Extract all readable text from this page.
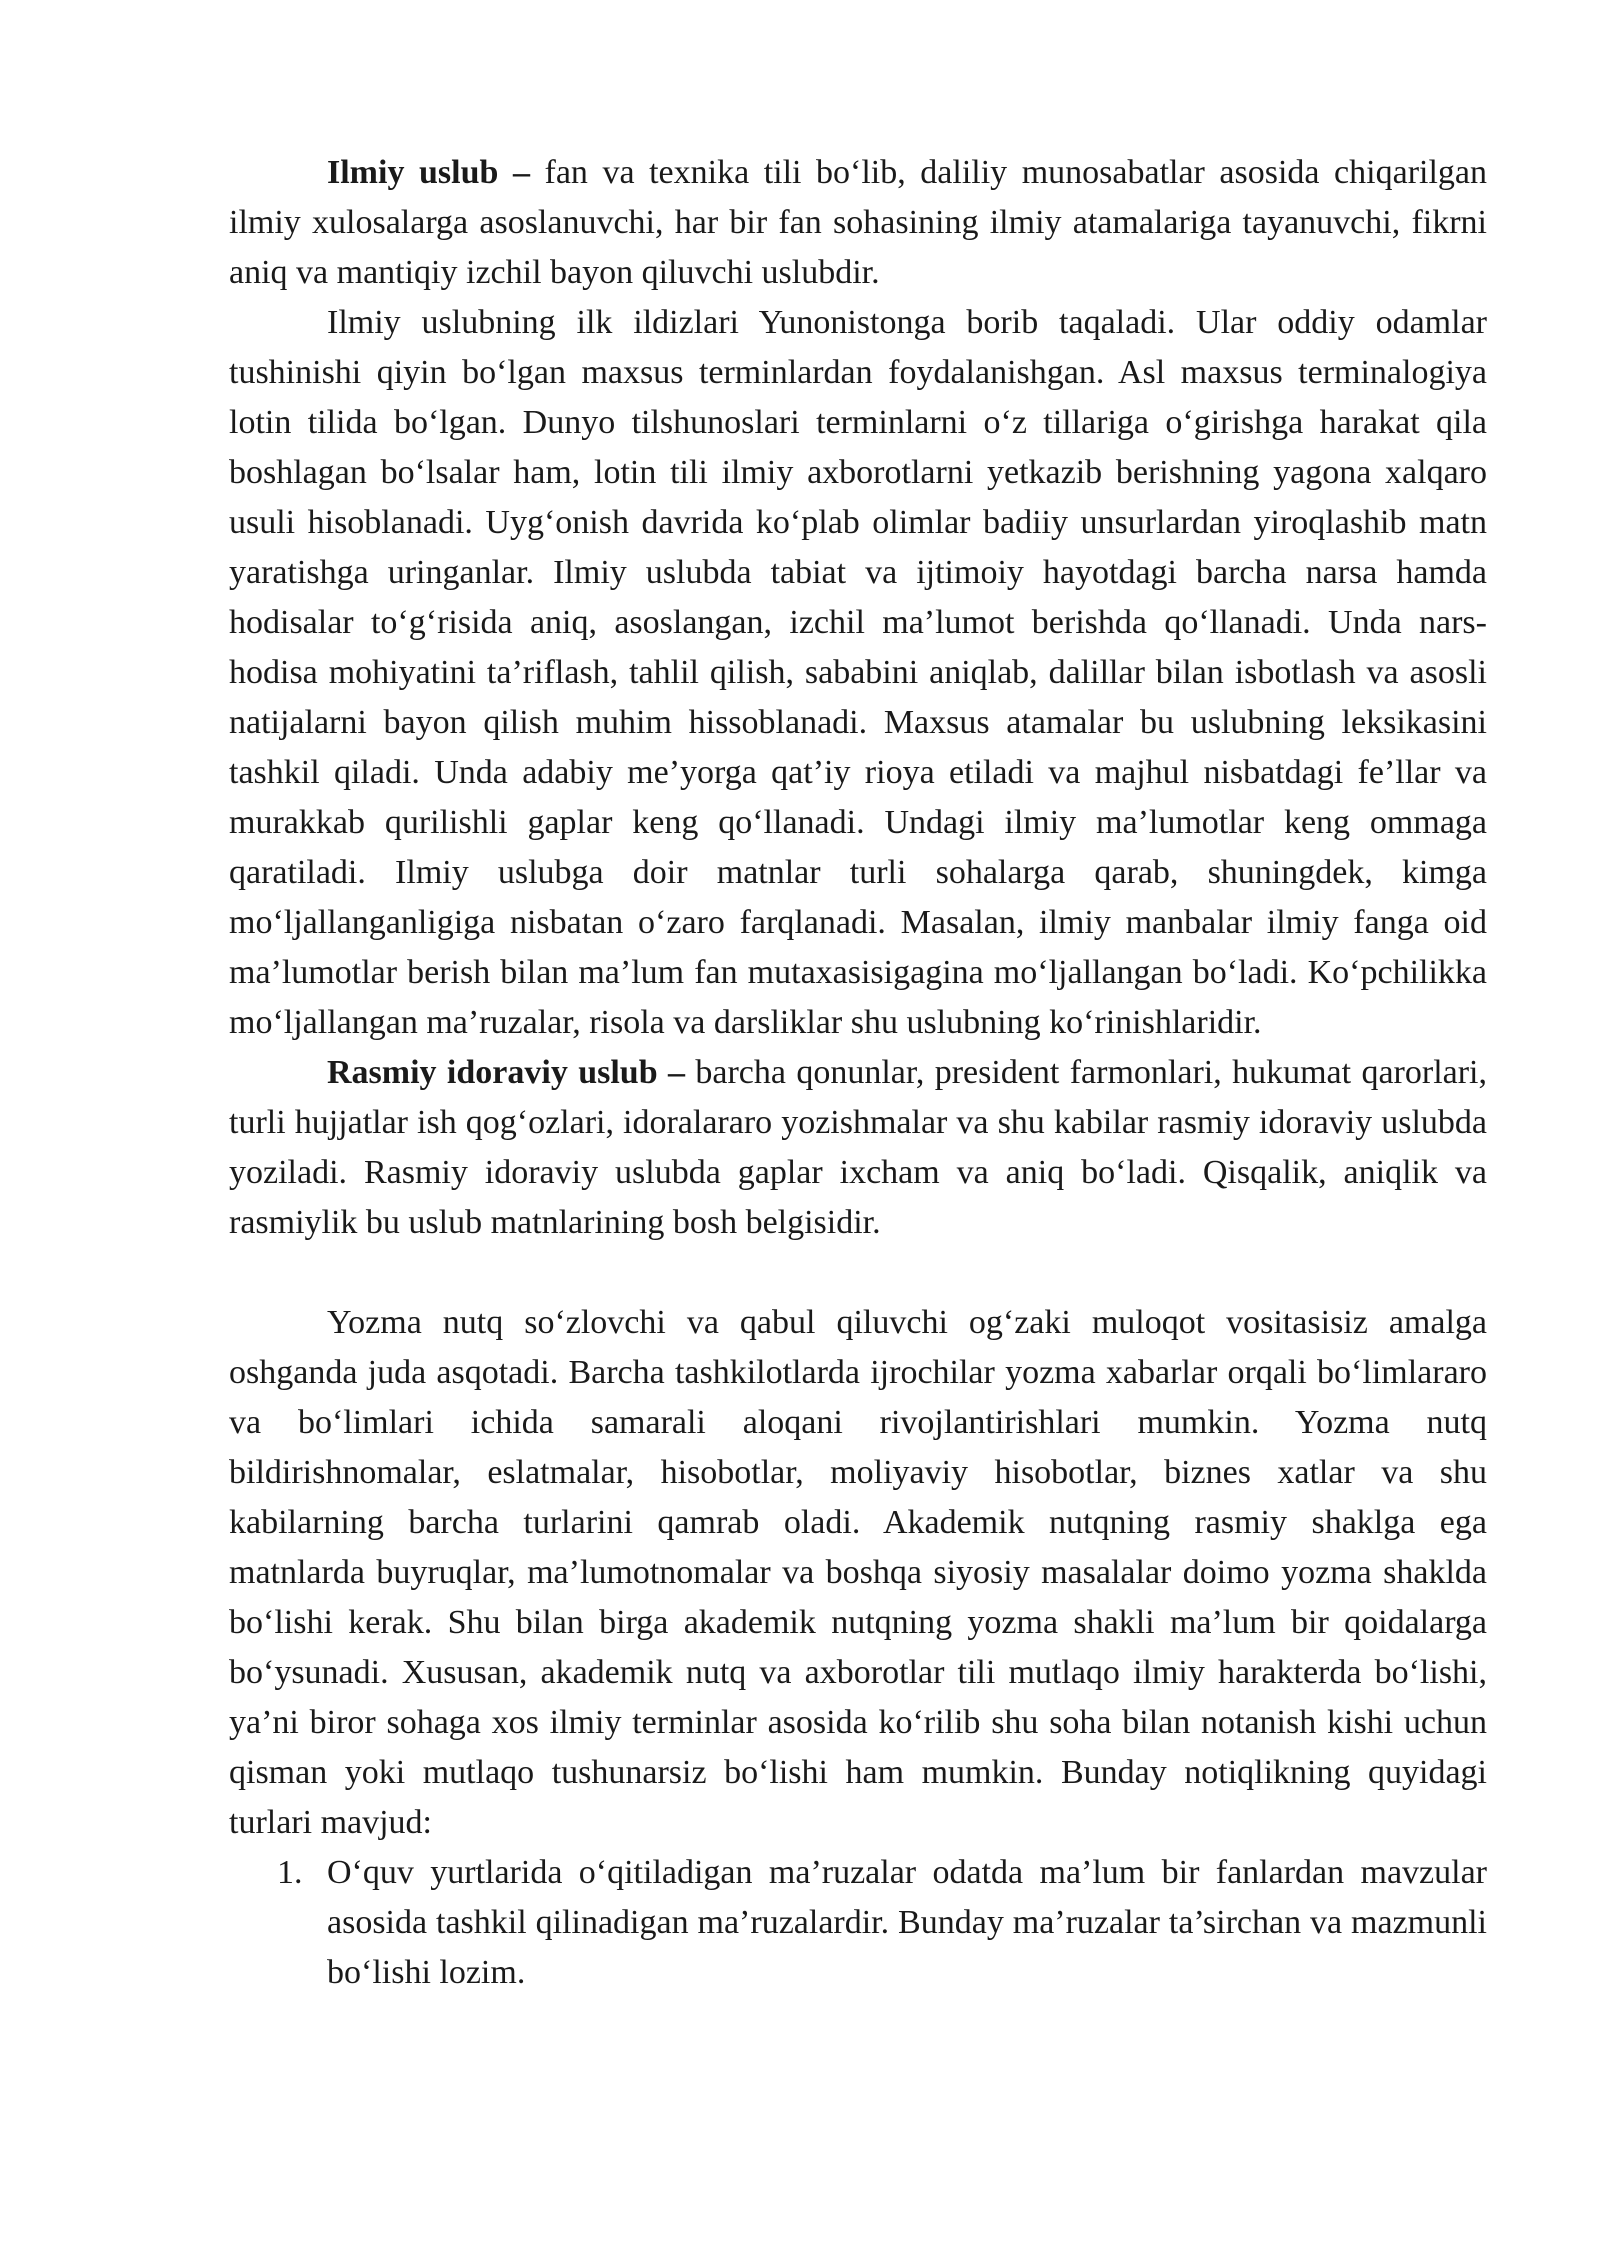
Ilmiy uslub – fan va texnika tili bo‘lib, daliliy munosabatlar asosida chiqarilgan ilmiy xulosalarga asoslanuvchi, har bir fan sohasining ilmiy atamalariga tayanuvchi, fikrni aniq va mantiqiy izchil bayon qiluvchi uslubdir.

Ilmiy uslubning ilk ildizlari Yunonistonga borib taqaladi. Ular oddiy odamlar tushinishi qiyin bo‘lgan maxsus terminlardan foydalanishgan. Asl maxsus terminalogiya lotin tilida bo‘lgan. Dunyo tilshunoslari terminlarni o‘z tillariga o‘girishga harakat qila boshlagan bo‘lsalar ham, lotin tili ilmiy axborotlarni yetkazib berishning yagona xalqaro usuli hisoblanadi. Uyg‘onish davrida ko‘plab olimlar badiiy unsurlardan yiroqlashib matn yaratishga uringanlar. Ilmiy uslubda tabiat va ijtimoiy hayotdagi barcha narsa hamda hodisalar to‘g‘risida aniq, asoslangan, izchil ma’lumot berishda qo‘llanadi. Unda nars-hodisa mohiyatini ta’riflash, tahlil qilish, sababini aniqlab, dalillar bilan isbotlash va asosli natijalarni bayon qilish muhim hissoblanadi. Maxsus atamalar bu uslubning leksikasini tashkil qiladi. Unda adabiy me’yorga qat’iy rioya etiladi va majhul nisbatdagi fe’llar va murakkab qurilishli gaplar keng qo‘llanadi. Undagi ilmiy ma’lumotlar keng ommaga qaratiladi. Ilmiy uslubga doir matnlar turli sohalarga qarab, shuningdek, kimga mo‘ljallanganligiga nisbatan o‘zaro farqlanadi. Masalan, ilmiy manbalar ilmiy fanga oid ma’lumotlar berish bilan ma’lum fan mutaxasisigagina mo‘ljallangan bo‘ladi. Ko‘pchilikka mo‘ljallangan ma’ruzalar, risola va darsliklar shu uslubning ko‘rinishlaridir.

Rasmiy idoraviy uslub – barcha qonunlar, president farmonlari, hukumat qarorlari, turli hujjatlar ish qog‘ozlari, idoralararo yozishmalar va shu kabilar rasmiy idoraviy uslubda yoziladi. Rasmiy idoraviy uslubda gaplar ixcham va aniq bo‘ladi. Qisqalik, aniqlik va rasmiylik bu uslub matnlarining bosh belgisidir.

Yozma nutq so‘zlovchi va qabul qiluvchi og‘zaki muloqot vositasisiz amalga oshganda juda asqotadi. Barcha tashkilotlarda ijrochilar yozma xabarlar orqali bo‘limlararo va bo‘limlari ichida samarali aloqani rivojlantirishlari mumkin. Yozma nutq bildirishnomalar, eslatmalar, hisobotlar, moliyaviy hisobotlar, biznes xatlar va shu kabilarning barcha turlarini qamrab oladi. Akademik nutqning rasmiy shaklga ega matnlarda buyruqlar, ma’lumotnomalar va boshqa siyosiy masalalar doimo yozma shaklda bo‘lishi kerak. Shu bilan birga akademik nutqning yozma shakli ma’lum bir qoidalarga bo‘ysunadi. Xususan, akademik nutq va axborotlar tili mutlaqo ilmiy harakterda bo‘lishi, ya’ni biror sohaga xos ilmiy terminlar asosida ko‘rilib shu soha bilan notanish kishi uchun qisman yoki mutlaqo tushunarsiz bo‘lishi ham mumkin. Bunday notiqlikning quyidagi turlari mavjud:

1. O‘quv yurtlarida o‘qitiladigan ma’ruzalar odatda ma’lum bir fanlardan mavzular asosida tashkil qilinadigan ma’ruzalardir. Bunday ma’ruzalar ta’sirchan va mazmunli bo‘lishi lozim.
